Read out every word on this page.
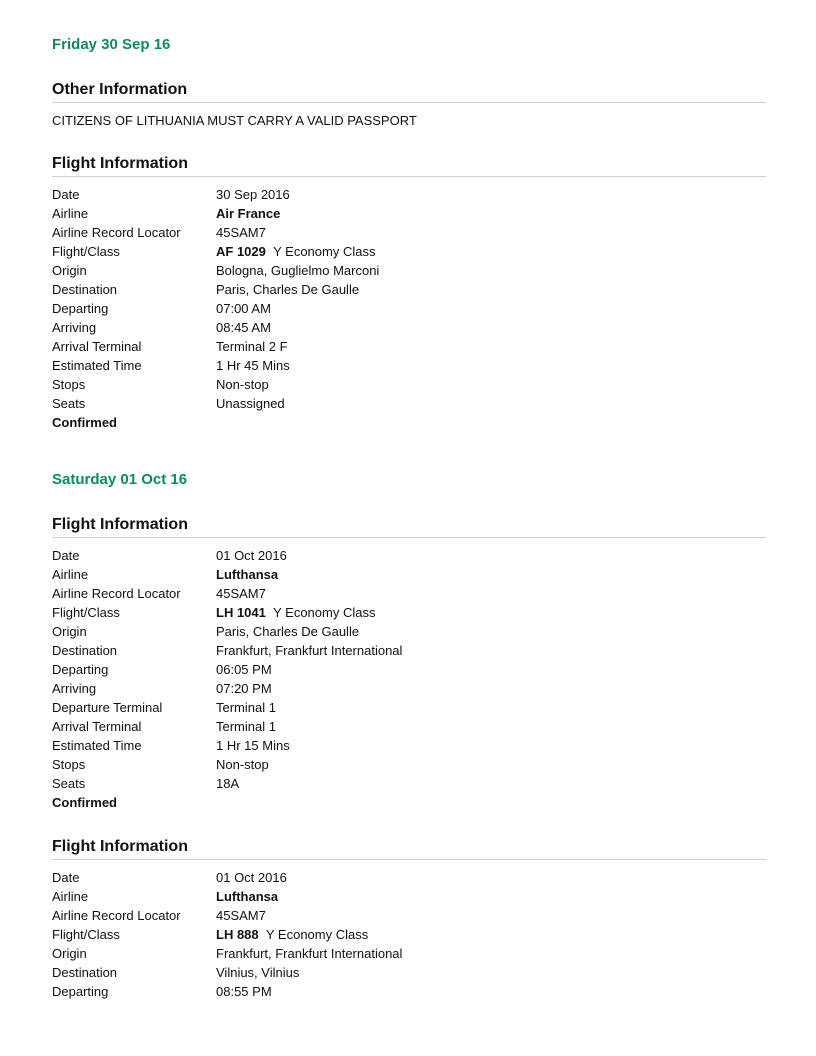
Friday 30 Sep 16
Other Information
CITIZENS OF LITHUANIA MUST CARRY A VALID PASSPORT
Flight Information
Date	30 Sep 2016
Airline	Air France
Airline Record Locator	45SAM7
Flight/Class	AF 1029 Y Economy Class
Origin	Bologna, Guglielmo Marconi
Destination	Paris, Charles De Gaulle
Departing	07:00 AM
Arriving	08:45 AM
Arrival Terminal	Terminal 2 F
Estimated Time	1 Hr 45 Mins
Stops	Non-stop
Seats	Unassigned
Confirmed
Saturday 01 Oct 16
Flight Information
Date	01 Oct 2016
Airline	Lufthansa
Airline Record Locator	45SAM7
Flight/Class	LH 1041 Y Economy Class
Origin	Paris, Charles De Gaulle
Destination	Frankfurt, Frankfurt International
Departing	06:05 PM
Arriving	07:20 PM
Departure Terminal	Terminal 1
Arrival Terminal	Terminal 1
Estimated Time	1 Hr 15 Mins
Stops	Non-stop
Seats	18A
Confirmed
Flight Information
Date	01 Oct 2016
Airline	Lufthansa
Airline Record Locator	45SAM7
Flight/Class	LH 888 Y Economy Class
Origin	Frankfurt, Frankfurt International
Destination	Vilnius, Vilnius
Departing	08:55 PM
